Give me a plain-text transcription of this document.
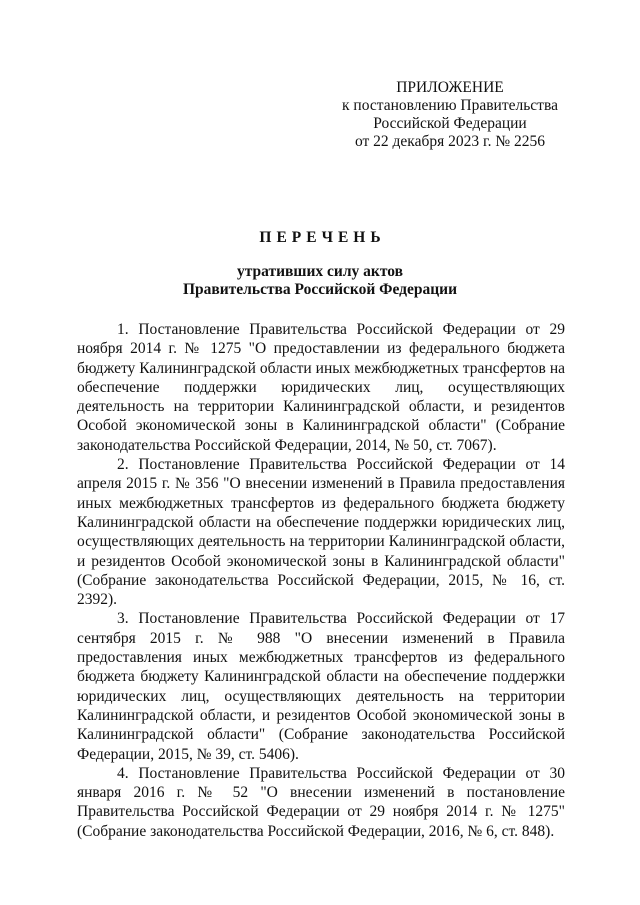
ПРИЛОЖЕНИЕ
к постановлению Правительства
Российской Федерации
от 22 декабря 2023 г. № 2256
ПЕРЕЧЕНЬ
утративших силу актов
Правительства Российской Федерации

1. Постановление Правительства Российской Федерации от 29 ноября 2014 г. № 1275 "О предоставлении из федерального бюджета бюджету Калининградской области иных межбюджетных трансфертов на обеспечение поддержки юридических лиц, осуществляющих деятельность на территории Калининградской области, и резидентов Особой экономической зоны в Калининградской области" (Собрание законодательства Российской Федерации, 2014, № 50, ст. 7067).

2. Постановление Правительства Российской Федерации от 14 апреля 2015 г. № 356 "О внесении изменений в Правила предоставления иных межбюджетных трансфертов из федерального бюджета бюджету Калининградской области на обеспечение поддержки юридических лиц, осуществляющих деятельность на территории Калининградской области, и резидентов Особой экономической зоны в Калининградской области" (Собрание законодательства Российской Федерации, 2015, № 16, ст. 2392).

3. Постановление Правительства Российской Федерации от 17 сентября 2015 г. № 988 "О внесении изменений в Правила предоставления иных межбюджетных трансфертов из федерального бюджета бюджету Калининградской области на обеспечение поддержки юридических лиц, осуществляющих деятельность на территории Калининградской области, и резидентов Особой экономической зоны в Калининградской области" (Собрание законодательства Российской Федерации, 2015, № 39, ст. 5406).

4. Постановление Правительства Российской Федерации от 30 января 2016 г. № 52 "О внесении изменений в постановление Правительства Российской Федерации от 29 ноября 2014 г. № 1275" (Собрание законодательства Российской Федерации, 2016, № 6, ст. 848).
